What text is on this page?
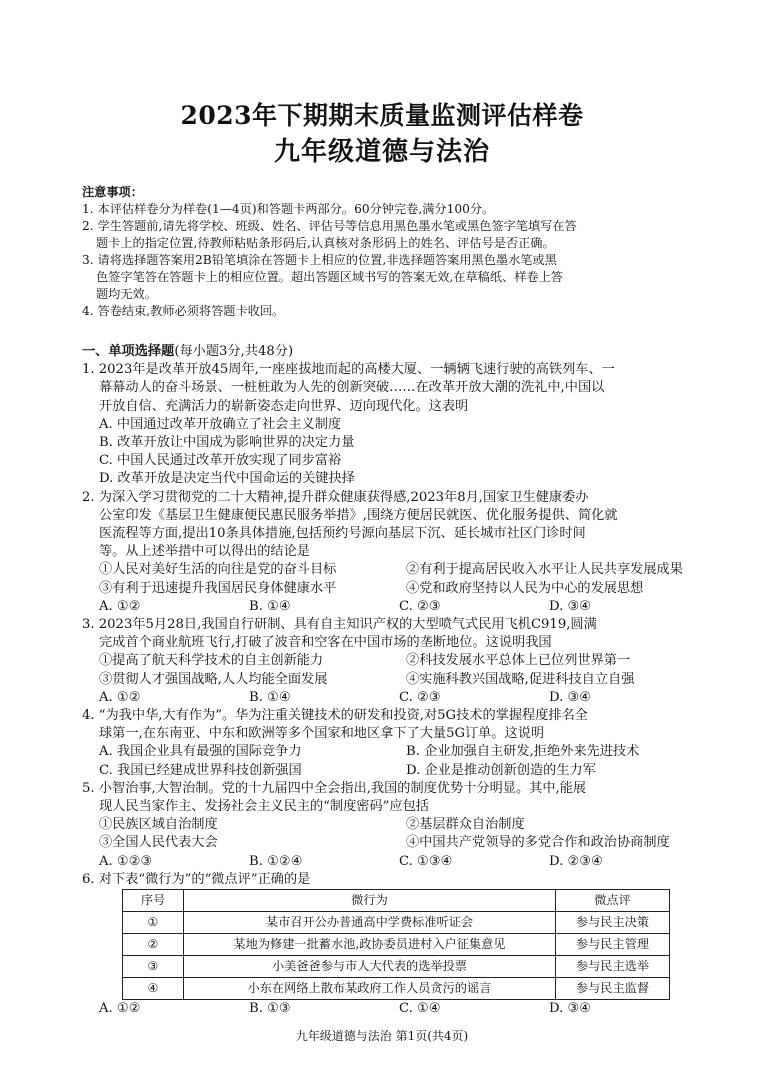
2023年下期期末质量监测评估样卷
九年级道德与法治
注意事项：
1. 本评估样卷分为样卷(1—4页)和答题卡两部分。60分钟完卷,满分100分。
2. 学生答题前,请先将学校、班级、姓名、评估号等信息用黑色墨水笔或黑色签字笔填写在答
题卡上的指定位置,待教师粘贴条形码后,认真核对条形码上的姓名、评估号是否正确。
3. 请将选择题答案用2B铅笔填涂在答题卡上相应的位置,非选择题答案用黑色墨水笔或黑
色签字笔答在答题卡上的相应位置。超出答题区域书写的答案无效,在草稿纸、样卷上答
题均无效。
4. 答卷结束,教师必须将答题卡收回。
一、单项选择题(每小题3分,共48分)
1. 2023年是改革开放45周年,一座座拔地而起的高楼大厦、一辆辆飞速行驶的高铁列车、一
幕幕动人的奋斗场景、一桩桩敢为人先的创新突破……在改革开放大潮的洗礼中,中国以
开放自信、充满活力的崭新姿态走向世界、迈向现代化。这表明
A. 中国通过改革开放确立了社会主义制度
B. 改革开放让中国成为影响世界的决定力量
C. 中国人民通过改革开放实现了同步富裕
D. 改革开放是决定当代中国命运的关键抉择
2. 为深入学习贯彻党的二十大精神,提升群众健康获得感,2023年8月,国家卫生健康委办
公室印发《基层卫生健康便民惠民服务举措》,围绕方便居民就医、优化服务提供、简化就
医流程等方面,提出10条具体措施,包括预约号源向基层下沉、延长城市社区门诊时间
等。从上述举措中可以得出的结论是
①人民对美好生活的向往是党的奋斗目标	②有利于提高居民收入水平让人民共享发展成果
③有利于迅速提升我国居民身体健康水平	④党和政府坚持以人民为中心的发展思想
A. ①②	B. ①④	C. ②③	D. ③④
3. 2023年5月28日,我国自行研制、具有自主知识产权的大型喷气式民用飞机C919,圆满
完成首个商业航班飞行,打破了波音和空客在中国市场的垄断地位。这说明我国
①提高了航天科学技术的自主创新能力	②科技发展水平总体上已位列世界第一
③贯彻人才强国战略,人人均能全面发展	④实施科教兴国战略,促进科技自立自强
A. ①②	B. ①④	C. ②③	D. ③④
4. “为我中华,大有作为”。华为注重关键技术的研发和投资,对5G技术的掌握程度排名全
球第一,在东南亚、中东和欧洲等多个国家和地区拿下了大量5G订单。这说明
A. 我国企业具有最强的国际竞争力	B. 企业加强自主研发,拒绝外来先进技术
C. 我国已经建成世界科技创新强国	D. 企业是推动创新创造的生力军
5. 小智治事,大智治制。党的十九届四中全会指出,我国的制度优势十分明显。其中,能展
现人民当家作主、发扬社会主义民主的“制度密码”应包括
①民族区域自治制度	②基层群众自治制度
③全国人民代表大会	④中国共产党领导的多党合作和政治协商制度
A. ①②③	B. ①②④	C. ①③④	D. ②③④
6. 对下表“微行为”的“微点评”正确的是
序号	微行为	微点评
①	某市召开公办普通高中学费标准听证会	参与民主决策
②	某地为修建一批蓄水池,政协委员进村入户征集意见	参与民主管理
③	小美爸爸参与市人大代表的选举投票	参与民主选举
④	小东在网络上散布某政府工作人员贪污的谣言	参与民主监督
A. ①②	B. ①③	C. ①④	D. ③④
九年级道德与法治 第1页(共4页)
